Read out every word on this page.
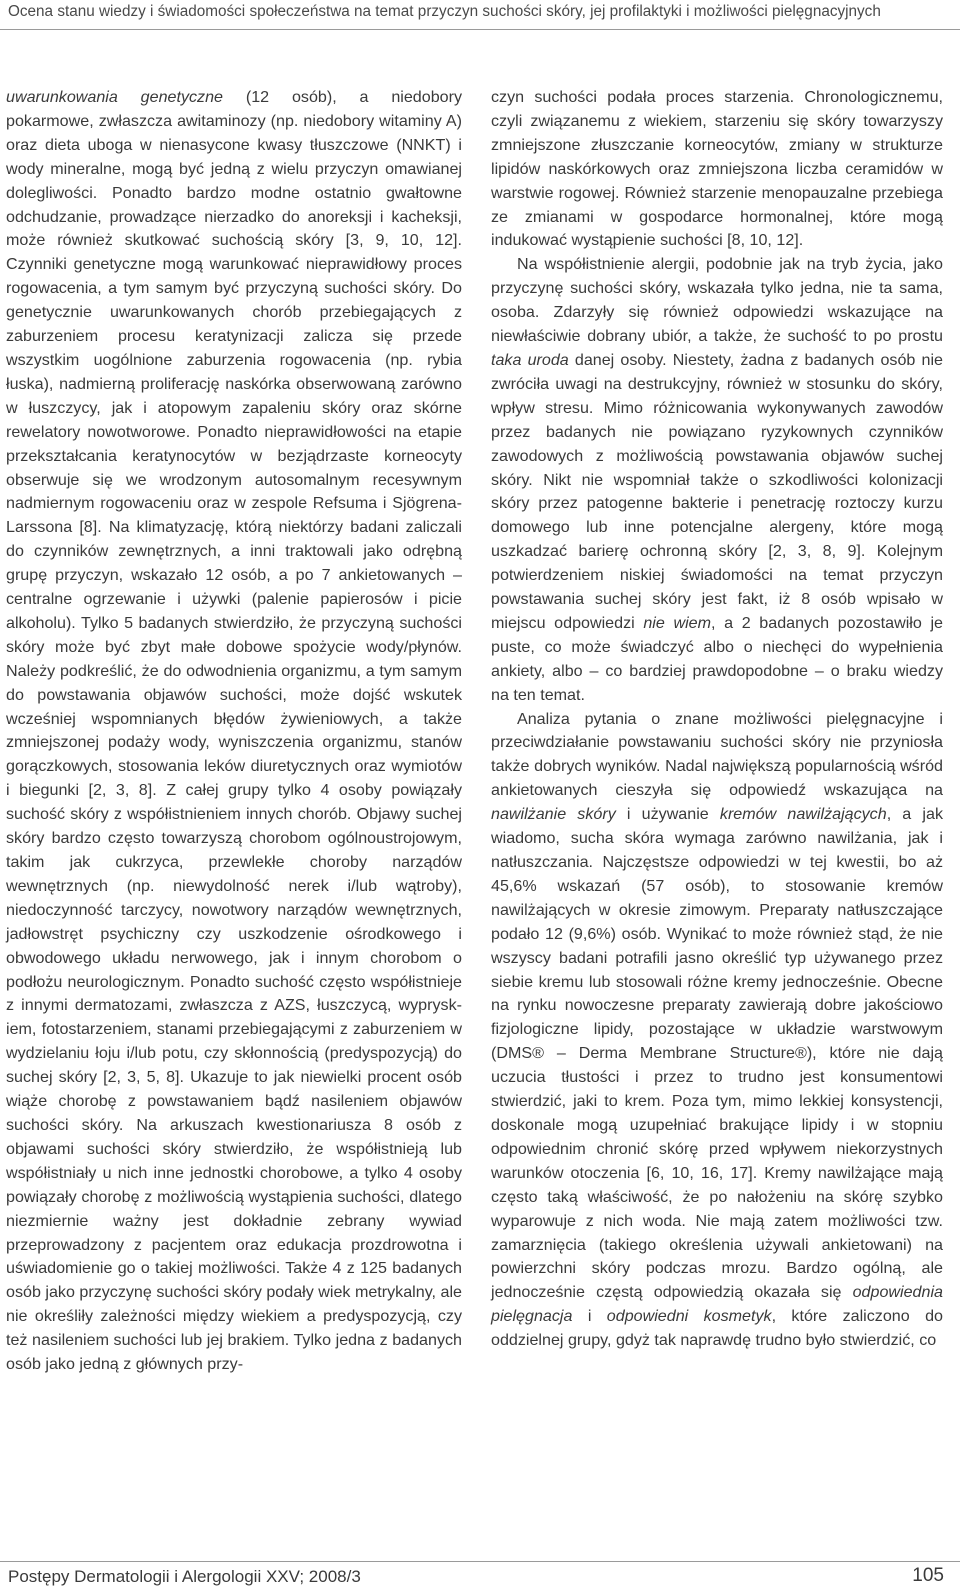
Ocena stanu wiedzy i świadomości społeczeństwa na temat przyczyn suchości skóry, jej profilaktyki i możliwości pielęgnacyjnych

uwarunkowania genetyczne (12 osób), a niedobory pokarmowe, zwłaszcza awitaminozy (np. niedobory witaminy A) oraz dieta uboga w nienasycone kwasy tłuszczowe (NNKT) i wody mineralne, mogą być jedną z wielu przyczyn omawianej dolegliwości. Ponadto bardzo modne ostatnio gwałtowne odchudzanie, prowadzące nierzadko do anoreksji i kacheksji, może również skutkować suchością skóry [3, 9, 10, 12]. Czynniki genetyczne mogą warunkować nieprawidłowy proces rogowacenia, a tym samym być przyczyną suchości skóry. Do genetycznie uwarunkowanych chorób przebiegających z zaburzeniem procesu keratynizacji zalicza się przede wszystkim uogólnione zaburzenia rogowacenia (np. rybia łuska), nadmierną proliferację naskórka obserwowaną zarówno w łuszczycy, jak i atopowym zapaleniu skóry oraz skórne rewelatory nowotworowe. Ponadto nieprawidłowości na etapie przekształcania keratynocytów w bezjądrzaste korneocyty obserwuje się we wrodzonym autosomalnym recesywnym nadmiernym rogowaceniu oraz w zespole Refsuma i Sjögrena-Larssona [8]. Na klimatyzację, którą niektórzy badani zaliczali do czynników zewnętrznych, a inni traktowali jako odrębną grupę przyczyn, wskazało 12 osób, a po 7 ankietowanych – centralne ogrzewanie i używki (palenie papierosów i picie alkoholu). Tylko 5 badanych stwierdziło, że przyczyną suchości skóry może być zbyt małe dobowe spożycie wody/płynów. Należy podkreślić, że do odwodnienia organizmu, a tym samym do powstawania objawów suchości, może dojść wskutek wcześniej wspomnianych błędów żywieniowych, a także zmniejszonej podaży wody, wyniszczenia organizmu, stanów gorączkowych, stosowania leków diuretycznych oraz wymiotów i biegunki [2, 3, 8]. Z całej grupy tylko 4 osoby powiązały suchość skóry z współistnieniem innych chorób. Objawy suchej skóry bardzo często towarzyszą chorobom ogólnoustrojowym, takim jak cukrzyca, przewlekłe choroby narządów wewnętrznych (np. niewydolność nerek i/lub wątroby), niedoczynność tarczycy, nowotwory narządów wewnętrznych, jadłowstręt psychiczny czy uszkodzenie ośrodkowego i obwodowego układu nerwowego, jak i innym chorobom o podłożu neurologicznym. Ponadto suchość często współistnieje z innymi dermatozami, zwłaszcza z AZS, łuszczycą, wypryskiem, fotostarzeniem, stanami przebiegającymi z zaburzeniem w wydzielaniu łoju i/lub potu, czy skłonnością (predyspozycją) do suchej skóry [2, 3, 5, 8]. Ukazuje to jak niewielki procent osób wiąże chorobę z powstawaniem bądź nasileniem objawów suchości skóry. Na arkuszach kwestionariusza 8 osób z objawami suchości skóry stwierdziło, że współistnieją lub współistniały u nich inne jednostki chorobowe, a tylko 4 osoby powiązały chorobę z możliwością wystąpienia suchości, dlatego niezmiernie ważny jest dokładnie zebrany wywiad przeprowadzony z pacjentem oraz edukacja prozdrowotna i uświadomienie go o takiej możliwości. Także 4 z 125 badanych osób jako przyczynę suchości skóry podały wiek metrykalny, ale nie określiły zależności między wiekiem a predyspozycją, czy też nasileniem suchości lub jej brakiem. Tylko jedna z badanych osób jako jedną z głównych przy-

czyn suchości podała proces starzenia. Chronologicznemu, czyli związanemu z wiekiem, starzeniu się skóry towarzyszy zmniejszone złuszczanie korneocytów, zmiany w strukturze lipidów naskórkowych oraz zmniejszona liczba ceramidów w warstwie rogowej. Również starzenie menopauzalne przebiega ze zmianami w gospodarce hormonalnej, które mogą indukować wystąpienie suchości [8, 10, 12].

Na współistnienie alergii, podobnie jak na tryb życia, jako przyczynę suchości skóry, wskazała tylko jedna, nie ta sama, osoba. Zdarzyły się również odpowiedzi wskazujące na niewłaściwie dobrany ubiór, a także, że suchość to po prostu taka uroda danej osoby. Niestety, żadna z badanych osób nie zwróciła uwagi na destrukcyjny, również w stosunku do skóry, wpływ stresu. Mimo różnicowania wykonywanych zawodów przez badanych nie powiązano ryzykownych czynników zawodowych z możliwością powstawania objawów suchej skóry. Nikt nie wspomniał także o szkodliwości kolonizacji skóry przez patogenne bakterie i penetrację roztoczy kurzu domowego lub inne potencjalne alergeny, które mogą uszkadzać barierę ochronną skóry [2, 3, 8, 9]. Kolejnym potwierdzeniem niskiej świadomości na temat przyczyn powstawania suchej skóry jest fakt, iż 8 osób wpisało w miejscu odpowiedzi nie wiem, a 2 badanych pozostawiło je puste, co może świadczyć albo o niechęci do wypełnienia ankiety, albo – co bardziej prawdopodobne – o braku wiedzy na ten temat.

Analiza pytania o znane możliwości pielęgnacyjne i przeciwdziałanie powstawaniu suchości skóry nie przyniosła także dobrych wyników. Nadal największą popularnością wśród ankietowanych cieszyła się odpowiedź wskazująca na nawilżanie skóry i używanie kremów nawilżających, a jak wiadomo, sucha skóra wymaga zarówno nawilżania, jak i natłuszczania. Najczęstsze odpowiedzi w tej kwestii, bo aż 45,6% wskazań (57 osób), to stosowanie kremów nawilżających w okresie zimowym. Preparaty natłuszczające podało 12 (9,6%) osób. Wynikać to może również stąd, że nie wszyscy badani potrafili jasno określić typ używanego przez siebie kremu lub stosowali różne kremy jednocześnie. Obecne na rynku nowoczesne preparaty zawierają dobre jakościowo fizjologiczne lipidy, pozostające w układzie warstwowym (DMS® – Derma Membrane Structure®), które nie dają uczucia tłustości i przez to trudno jest konsumentowi stwierdzić, jaki to krem. Poza tym, mimo lekkiej konsystencji, doskonale mogą uzupełniać brakujące lipidy i w stopniu odpowiednim chronić skórę przed wpływem niekorzystnych warunków otoczenia [6, 10, 16, 17]. Kremy nawilżające mają często taką właściwość, że po nałożeniu na skórę szybko wyparowuje z nich woda. Nie mają zatem możliwości tzw. zamarznięcia (takiego określenia używali ankietowani) na powierzchni skóry podczas mrozu. Bardzo ogólną, ale jednocześnie częstą odpowiedzią okazała się odpowiednia pielęgnacja i odpowiedni kosmetyk, które zaliczono do oddzielnej grupy, gdyż tak naprawdę trudno było stwierdzić, co

Postępy Dermatologii i Alergologii XXV; 2008/3	105
